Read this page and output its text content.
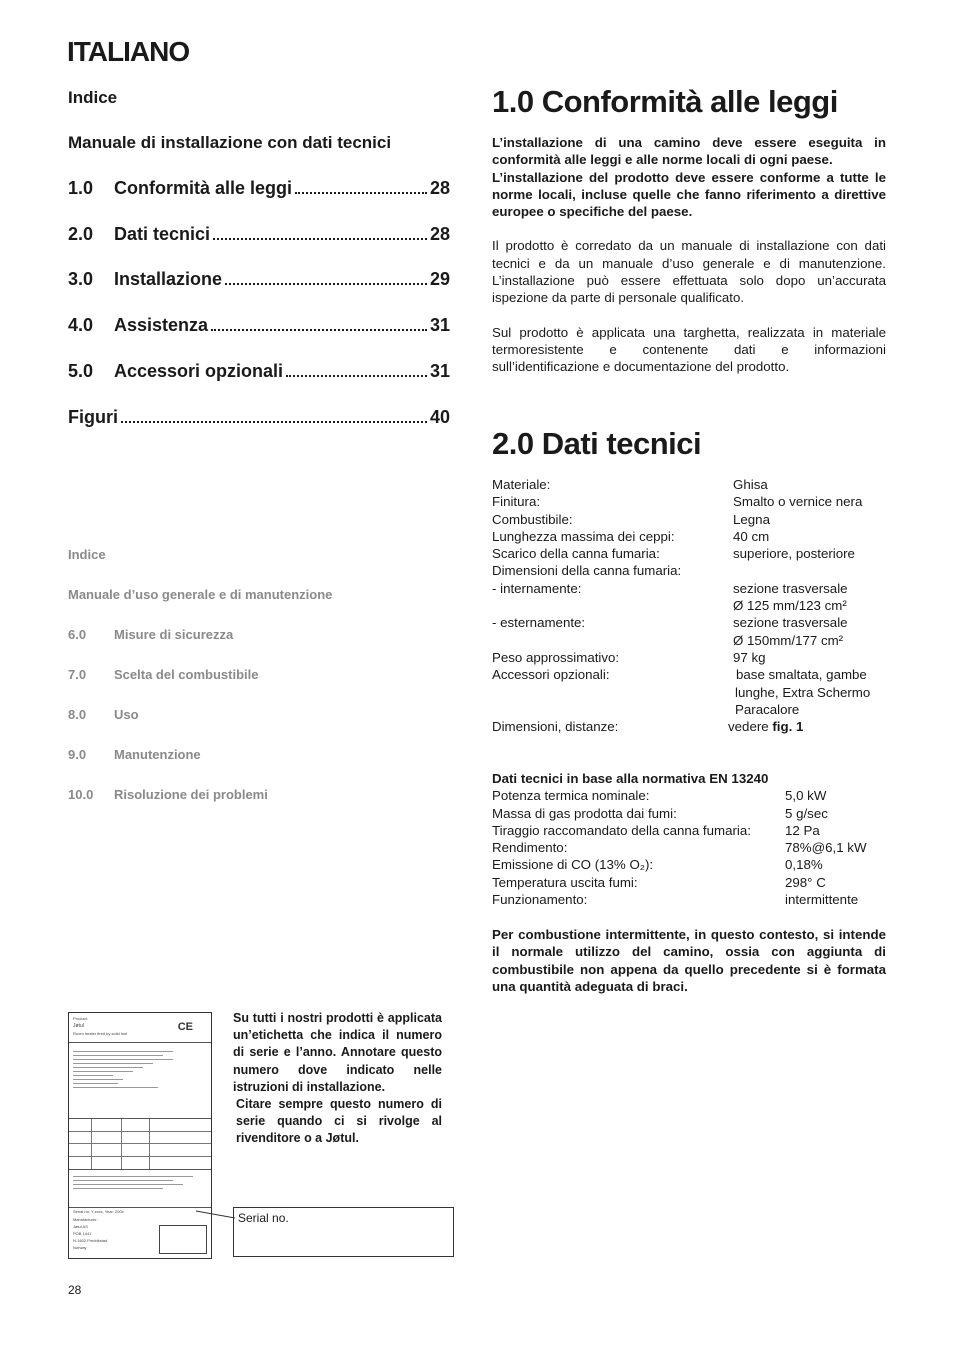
ITALIANO
Indice
Manuale di installazione con dati tecnici
1.0	Conformità alle leggi	28
2.0	Dati tecnici	28
3.0	Installazione	29
4.0	Assistenza	31
5.0	Accessori opzionali	31
Figuri	40
Indice
Manuale d’uso generale e di manutenzione
6.0 Misure di sicurezza
7.0 Scelta del combustibile
8.0 Uso
9.0 Manutenzione
10.0 Risoluzione dei problemi
Product:
Jøtul
Room heater fired by solid fuel
CE
Serial no: Y-xxxx, Year: 200x
Manufacturer:
Jøtul AS
POB 1441
N-1602 Fredrikstad
Norway
Su tutti i nostri prodotti è applicata un’etichetta che indica il numero di serie e l’anno. Annotare questo numero dove indicato nelle istruzioni di installazione.
Citare sempre questo numero di serie quando ci si rivolge al rivenditore o a Jøtul.
Serial no.
28
1.0 Conformità alle leggi

L’installazione di una camino deve essere eseguita in conformità alle leggi e alle norme locali di ogni paese.

L’installazione del prodotto deve essere conforme a tutte le norme locali, incluse quelle che fanno riferimento a direttive europee o specifiche del paese.

Il prodotto è corredato da un manuale di installazione con dati tecnici e da un manuale d’uso generale e di manutenzione. L’installazione può essere effettuata solo dopo un’accurata ispezione da parte di personale qualificato.

Sul prodotto è applicata una targhetta, realizzata in materiale termoresistente e contenente dati e informazioni sull’identificazione e documentazione del prodotto.

2.0 Dati tecnici
Materiale:	Ghisa
Finitura:	Smalto o vernice nera
Combustibile:	Legna
Lunghezza massima dei ceppi:	40 cm
Scarico della canna fumaria:	superiore, posteriore
Dimensioni della canna fumaria:
- internamente:	sezione trasversale
Ø 125 mm/123 cm²
- esternamente:	sezione trasversale
Ø 150mm/177 cm²
Peso approssimativo:	97 kg
Accessori opzionali:	base smaltata, gambe
lunghe, Extra Schermo
Paracalore
Dimensioni, distanze:	vedere
fig. 1
Dati tecnici in base alla normativa EN 13240
Potenza termica nominale:	5,0 kW
Massa di gas prodotta dai fumi:	5 g/sec
Tiraggio raccomandato della canna fumaria:	12 Pa
Rendimento:	78%@6,1 kW
Emissione di CO (13% O₂):	0,18%
Temperatura uscita fumi:	298° C
Funzionamento:	intermittente
Per combustione intermittente, in questo contesto, si intende il normale utilizzo del camino, ossia con aggiunta di combustibile non appena da quello precedente si è formata una quantità adeguata di braci.
